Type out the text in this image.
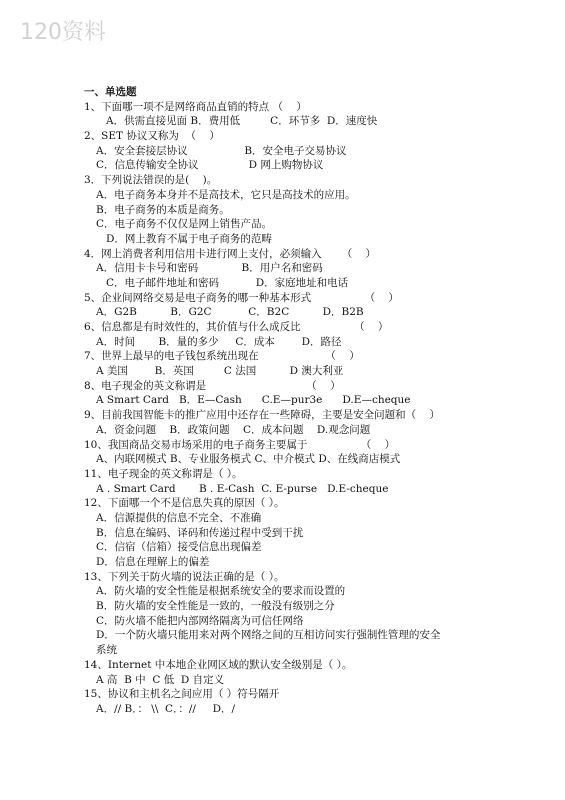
120资料
一、单选题
1、下面哪一项不是网络商品直销的特点 （    ）
A．供需直接见面 B．费用低         C．环节多  D．速度快
2、SET 协议又称为  （    ）
A．安全套接层协议                 B．安全电子交易协议
C．信息传输安全协议               D 网上购物协议
3．下列说法错误的是(    )。
A．电子商务本身并不是高技术，它只是高技术的应用。
B．电子商务的本质是商务。
C．电子商务不仅仅是网上销售产品。
D．网上教育不属于电子商务的范畴
4．网上消费者利用信用卡进行网上支付，必须输入      （    ）
A．信用卡卡号和密码             B．用户名和密码
C．电子邮件地址和密码           D．家庭地址和电话
5、企业间网络交易是电子商务的哪一种基本形式                （    ）
A．G2B          B．G2C           C．B2C          D．B2B
6、信息都是有时效性的，其价值与什么成反比                （    ）
A．时间       B．量的多少     C．成本        D．路径
7、世界上最早的电子钱包系统出现在                    （    ）
A 美国        B．英国         C 法国          D 澳大利亚
8、电子现金的英文称谓是                              （    ）
A Smart Card   B．E—Cash      C.E—pur3e      D.E—cheque
9、目前我国智能卡的推广应用中还存在一些障碍，主要是安全问题和（    ）
A．资金问题    B．政策问题    C．成本问题    D.观念问题
10、我国商品交易市场采用的电子商务主要属于                （    ）
A、内联网模式 B、专业服务模式 C、中介模式 D、在线商店模式
11、电子现金的英文称谓是（ ）。
A . Smart Card       B . E-Cash  C. E-purse   D.E-cheque
12、下面哪一个不是信息失真的原因（ ）。
A．信源提供的信息不完全、不准确
B．信息在编码、译码和传递过程中受到干扰
C．信宿（信箱）接受信息出现偏差
D．信息在理解上的偏差
13、下列关于防火墙的说法正确的是（ ）。
A．防火墙的安全性能是根据系统安全的要求而设置的
B．防火墙的安全性能是一致的，一般没有级别之分
C．防火墙不能把内部网络隔离为可信任网络
D．一个防火墙只能用来对两个网络之间的互相访问实行强制性管理的安全
系统
14、Internet 中本地企业网区域的默认安全级别是（ ）。
A 高  B 中  C 低  D 自定义
15、协议和主机名之间应用（ ）符号隔开
A．// B．： \\  C．：//     D．/
